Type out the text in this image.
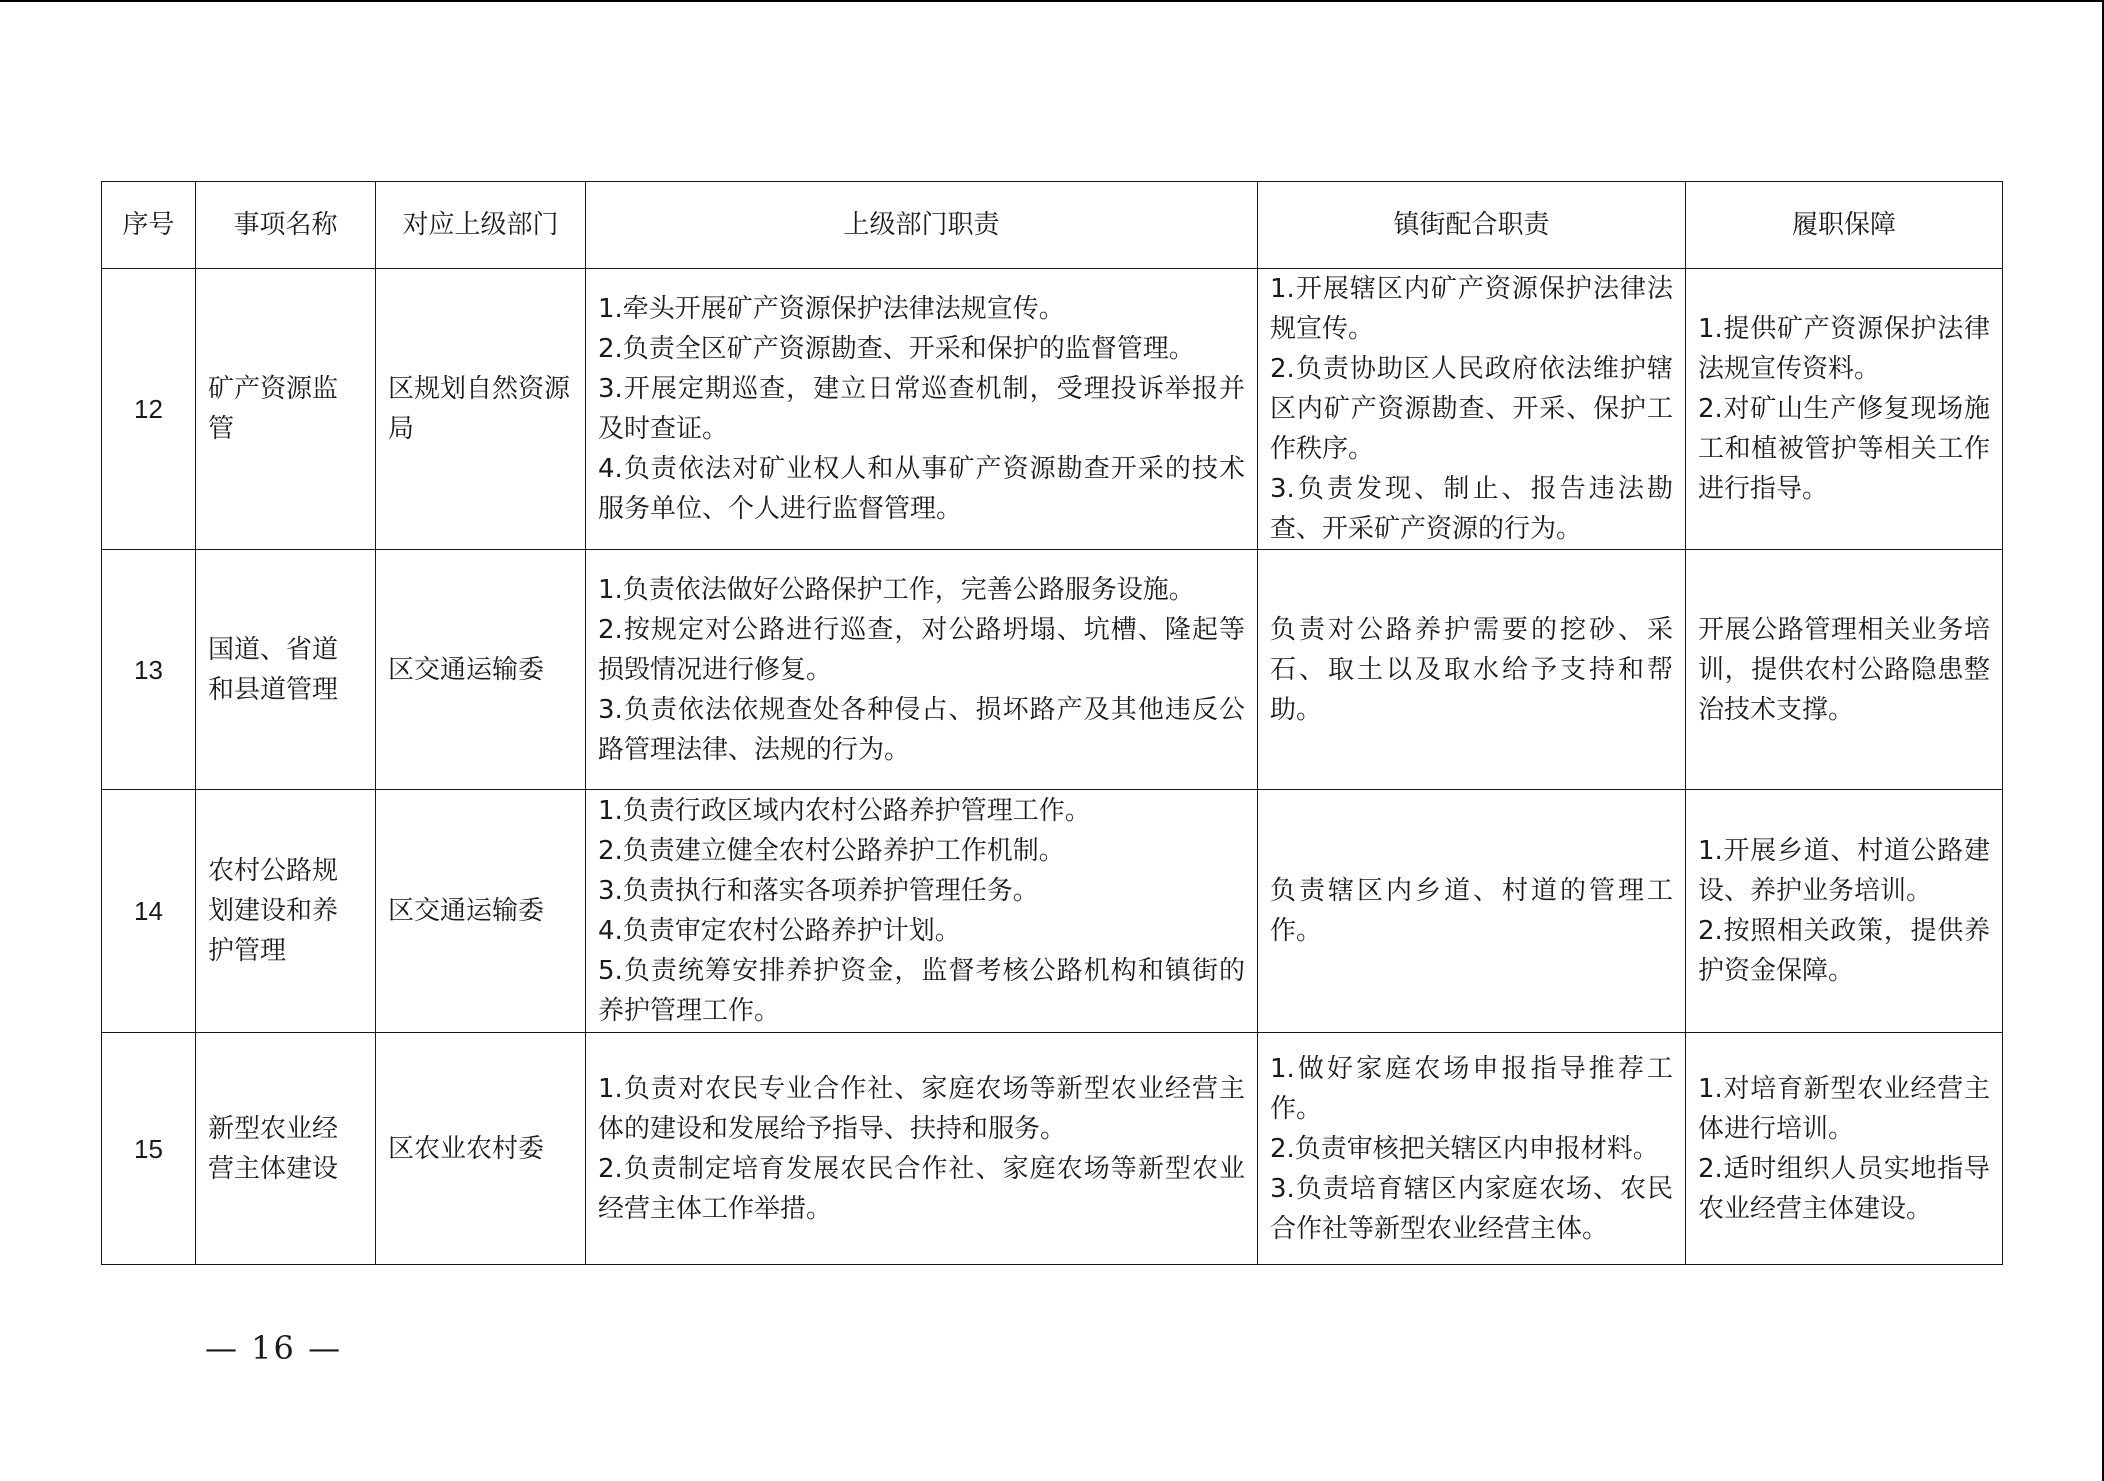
序号	事项名称	对应上级部门	上级部门职责	镇街配合职责	履职保障
12	矿产资源监管	区规划自然资源局	1.牵头开展矿产资源保护法律法规宣传。
2.负责全区矿产资源勘查、开采和保护的监督管理。
3.开展定期巡查，建立日常巡查机制，受理投诉举报并及时查证。
4.负责依法对矿业权人和从事矿产资源勘查开采的技术服务单位、个人进行监督管理。	1.开展辖区内矿产资源保护法律法规宣传。
2.负责协助区人民政府依法维护辖区内矿产资源勘查、开采、保护工作秩序。
3.负责发现、制止、报告违法勘查、开采矿产资源的行为。	1.提供矿产资源保护法律法规宣传资料。
2.对矿山生产修复现场施工和植被管护等相关工作进行指导。

13	国道、省道和县道管理	区交通运输委	1.负责依法做好公路保护工作，完善公路服务设施。
2.按规定对公路进行巡查，对公路坍塌、坑槽、隆起等损毁情况进行修复。
3.负责依法依规查处各种侵占、损坏路产及其他违反公路管理法律、法规的行为。	负责对公路养护需要的挖砂、采石、取土以及取水给予支持和帮助。	开展公路管理相关业务培训，提供农村公路隐患整治技术支撑。

14	农村公路规划建设和养护管理	区交通运输委	1.负责行政区域内农村公路养护管理工作。
2.负责建立健全农村公路养护工作机制。
3.负责执行和落实各项养护管理任务。
4.负责审定农村公路养护计划。
5.负责统筹安排养护资金，监督考核公路机构和镇街的养护管理工作。	负责辖区内乡道、村道的管理工作。	1.开展乡道、村道公路建设、养护业务培训。
2.按照相关政策，提供养护资金保障。

15	新型农业经营主体建设	区农业农村委	1.负责对农民专业合作社、家庭农场等新型农业经营主体的建设和发展给予指导、扶持和服务。
2.负责制定培育发展农民合作社、家庭农场等新型农业经营主体工作举措。	1.做好家庭农场申报指导推荐工作。
2.负责审核把关辖区内申报材料。
3.负责培育辖区内家庭农场、农民合作社等新型农业经营主体。	1.对培育新型农业经营主体进行培训。
2.适时组织人员实地指导农业经营主体建设。
— 16 —
